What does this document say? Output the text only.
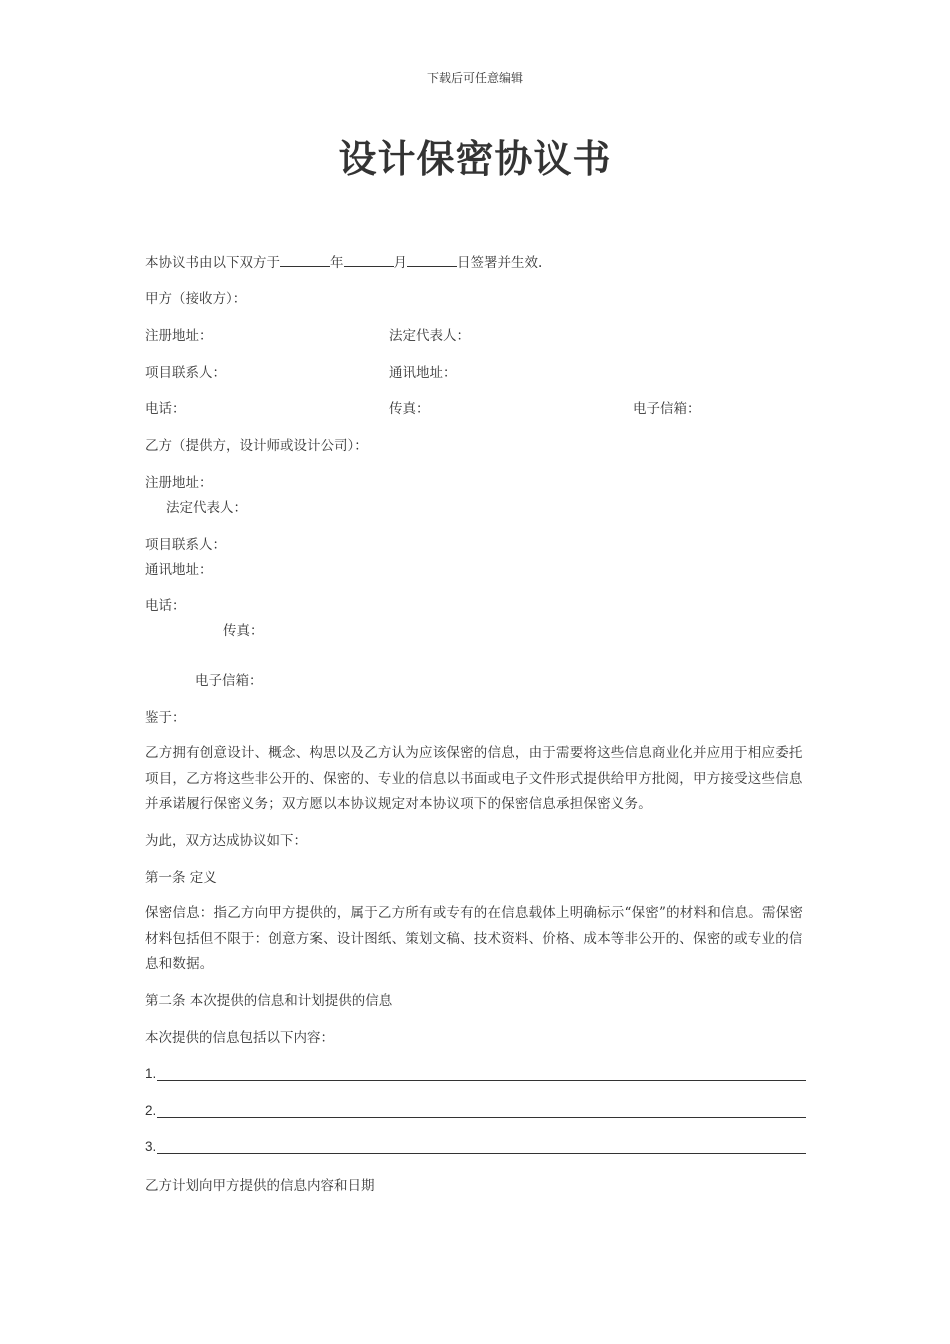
下载后可任意编辑
设计保密协议书
本协议书由以下双方于	年	月	日签署并生效.
甲方（接收方）：
注册地址：	法定代表人：
项目联系人：	通讯地址：
电话：	传真：	电子信箱：
乙方（提供方，设计师或设计公司）：
注册地址：
法定代表人：
项目联系人：
通讯地址：
电话：
传真：
电子信箱：
鉴于：
乙方拥有创意设计、概念、构思以及乙方认为应该保密的信息，由于需要将这些信息商业化并应用于相应委托项目，乙方将这些非公开的、保密的、专业的信息以书面或电子文件形式提供给甲方批阅，甲方接受这些信息并承诺履行保密义务；双方愿以本协议规定对本协议项下的保密信息承担保密义务。
为此，双方达成协议如下：
第一条 定义
保密信息：指乙方向甲方提供的，属于乙方所有或专有的在信息载体上明确标示“保密”的材料和信息。需保密材料包括但不限于：创意方案、设计图纸、策划文稿、技术资料、价格、成本等非公开的、保密的或专业的信息和数据。
第二条 本次提供的信息和计划提供的信息
本次提供的信息包括以下内容：
1.
2.
3.
乙方计划向甲方提供的信息内容和日期
